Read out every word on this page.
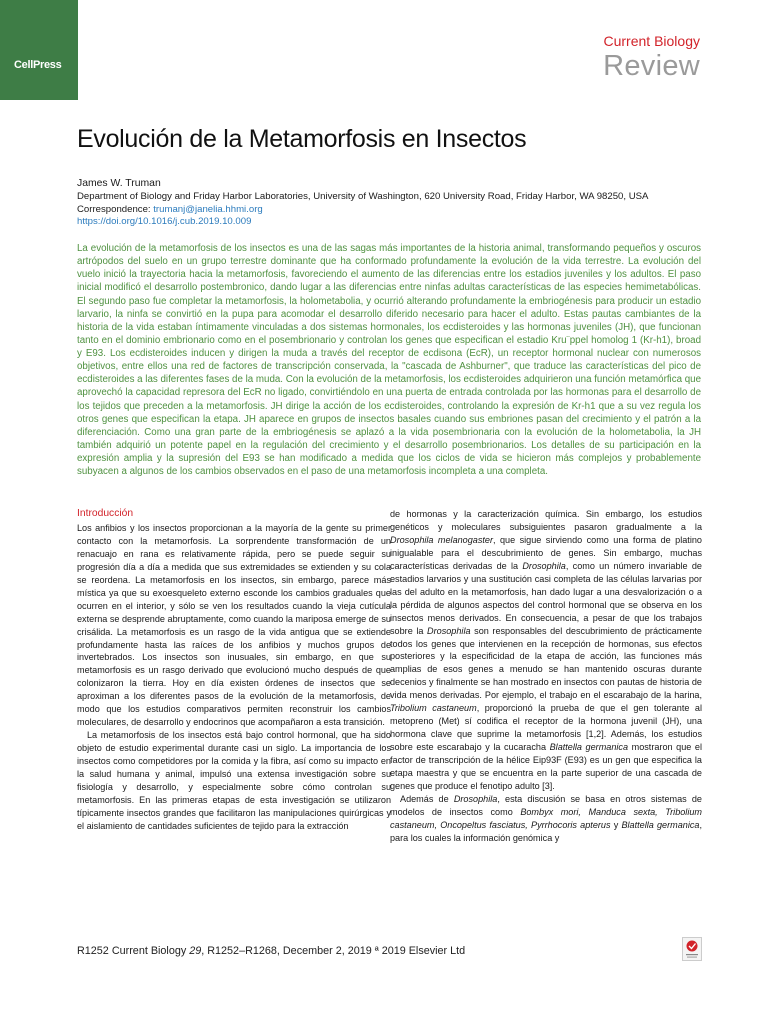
CellPress
Current Biology
Review
Evolución de la Metamorfosis en Insectos
James W. Truman
Department of Biology and Friday Harbor Laboratories, University of Washington, 620 University Road, Friday Harbor, WA 98250, USA
Correspondence: trumanj@janelia.hhmi.org
https://doi.org/10.1016/j.cub.2019.10.009
La evolución de la metamorfosis de los insectos es una de las sagas más importantes de la historia animal, transformando pequeños y oscuros artrópodos del suelo en un grupo terrestre dominante que ha conformado profundamente la evolución de la vida terrestre. La evolución del vuelo inició la trayectoria hacia la metamorfosis, favoreciendo el aumento de las diferencias entre los estadios juveniles y los adultos. El paso inicial modificó el desarrollo postembronico, dando lugar a las diferencias entre ninfas adultas características de las especies hemimetabólicas. El segundo paso fue completar la metamorfosis, la holometabolia, y ocurrió alterando profundamente la embriogénesis para producir un estadio larvario, la ninfa se convirtió en la pupa para acomodar el desarrollo diferido necesario para hacer el adulto. Estas pautas cambiantes de la historia de la vida estaban íntimamente vinculadas a dos sistemas hormonales, los ecdisteroides y las hormonas juveniles (JH), que funcionan tanto en el dominio embrionario como en el posembrionario y controlan los genes que especifican el estadio Kru¨ppel homolog 1 (Kr-h1), broad y E93. Los ecdisteroides inducen y dirigen la muda a través del receptor de ecdisona (EcR), un receptor hormonal nuclear con numerosos objetivos, entre ellos una red de factores de transcripción conservada, la "cascada de Ashburner", que traduce las características del pico de ecdisteroides a las diferentes fases de la muda. Con la evolución de la metamorfosis, los ecdisteroides adquirieron una función metamórfica que aprovechó la capacidad represora del EcR no ligado, convirtiéndolo en una puerta de entrada controlada por las hormonas para el desarrollo de los tejidos que preceden a la metamorfosis. JH dirige la acción de los ecdisteroides, controlando la expresión de Kr-h1 que a su vez regula los otros genes que especifican la etapa. JH aparece en grupos de insectos basales cuando sus embriones pasan del crecimiento y el patrón a la diferenciación. Como una gran parte de la embriogénesis se aplazó a la vida posembrionaria con la evolución de la holometabolia, la JH también adquirió un potente papel en la regulación del crecimiento y el desarrollo posembrionarios. Los detalles de su participación en la expresión amplia y la supresión del E93 se han modificado a medida que los ciclos de vida se hicieron más complejos y probablemente subyacen a algunos de los cambios observados en el paso de una metamorfosis incompleta a una completa.
Introducción

Los anfibios y los insectos proporcionan a la mayoría de la gente su primer contacto con la metamorfosis. La sorprendente transformación de un renacuajo en rana es relativamente rápida, pero se puede seguir su progresión día a día a medida que sus extremidades se extienden y su cola se reordena. La metamorfosis en los insectos, sin embargo, parece más mística ya que su exoesqueleto externo esconde los cambios graduales que ocurren en el interior, y sólo se ven los resultados cuando la vieja cutícula externa se desprende abruptamente, como cuando la mariposa emerge de su crisálida. La metamorfosis es un rasgo de la vida antigua que se extiende profundamente hasta las raíces de los anfibios y muchos grupos de invertebrados. Los insectos son inusuales, sin embargo, en que su metamorfosis es un rasgo derivado que evolucionó mucho después de que colonizaron la tierra. Hoy en día existen órdenes de insectos que se aproximan a los diferentes pasos de la evolución de la metamorfosis, de modo que los estudios comparativos permiten reconstruir los cambios moleculares, de desarrollo y endocrinos que acompañaron a esta transición.

La metamorfosis de los insectos está bajo control hormonal, que ha sido objeto de estudio experimental durante casi un siglo. La importancia de los insectos como competidores por la comida y la fibra, así como su impacto en la salud humana y animal, impulsó una extensa investigación sobre su fisiología y desarrollo, y especialmente sobre cómo controlan su metamorfosis. En las primeras etapas de esta investigación se utilizaron típicamente insectos grandes que facilitaron las manipulaciones quirúrgicas y el aislamiento de cantidades suficientes de tejido para la extracción

de hormonas y la caracterización química. Sin embargo, los estudios genéticos y moleculares subsiguientes pasaron gradualmente a la Drosophila melanogaster, que sigue sirviendo como una forma de platino inigualable para el descubrimiento de genes. Sin embargo, muchas características derivadas de la Drosophila, como un número invariable de estadios larvarios y una sustitución casi completa de las células larvarias por las del adulto en la metamorfosis, han dado lugar a una desvalorización o a la pérdida de algunos aspectos del control hormonal que se observa en los insectos menos derivados. En consecuencia, a pesar de que los trabajos sobre la Drosophila son responsables del descubrimiento de prácticamente todos los genes que intervienen en la recepción de hormonas, sus efectos posteriores y la especificidad de la etapa de acción, las funciones más amplias de esos genes a menudo se han mantenido oscuras durante decenios y finalmente se han mostrado en insectos con pautas de historia de vida menos derivadas. Por ejemplo, el trabajo en el escarabajo de la harina, Tribolium castaneum, proporcionó la prueba de que el gen tolerante al metopreno (Met) sí codifica el receptor de la hormona juvenil (JH), una hormona clave que suprime la metamorfosis [1,2]. Además, los estudios sobre este escarabajo y la cucaracha Blattella germanica mostraron que el factor de transcripción de la hélice Eip93F (E93) es un gen que especifica la etapa maestra y que se encuentra en la parte superior de una cascada de genes que produce el fenotipo adulto [3].

Además de Drosophila, esta discusión se basa en otros sistemas de modelos de insectos como Bombyx mori, Manduca sexta, Tribolium castaneum, Oncopeltus fasciatus, Pyrrhocoris apterus y Blattella germanica, para los cuales la información genómica y

R1252 Current Biology 29, R1252–R1268, December 2, 2019 ª 2019 Elsevier Ltd
